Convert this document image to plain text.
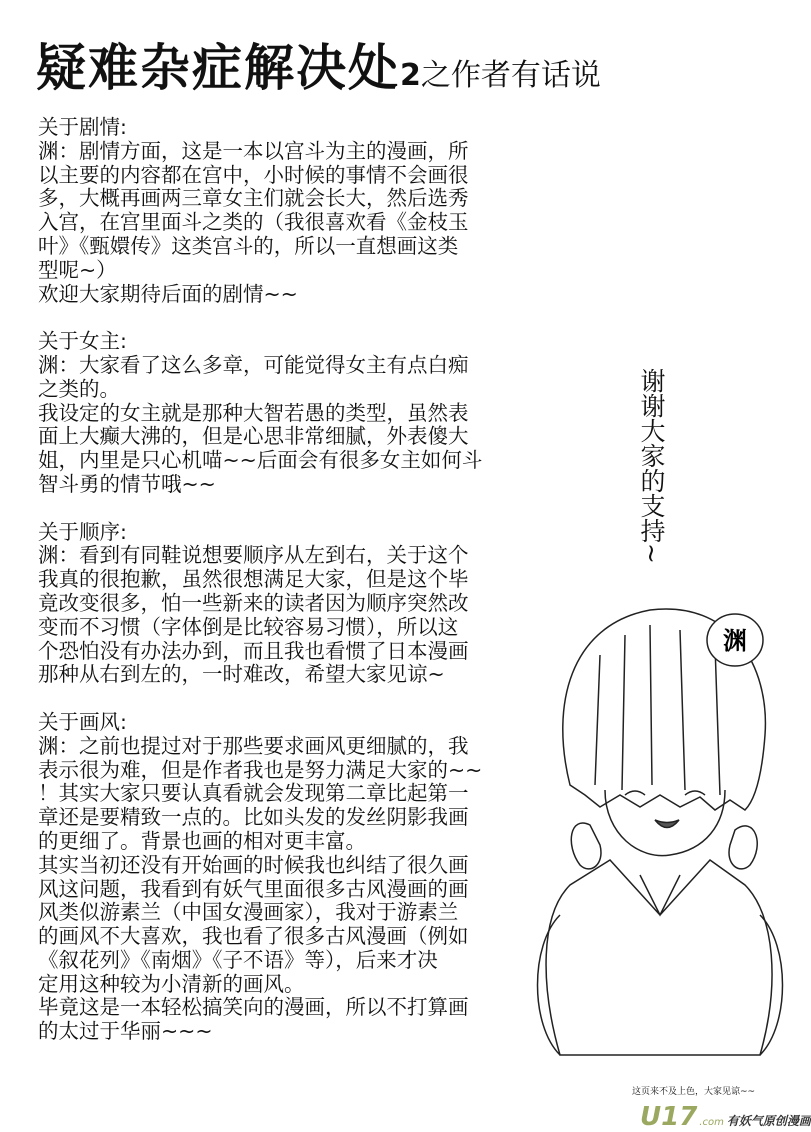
疑难杂症解决处2之作者有话说
关于剧情:
渊：剧情方面，这是一本以宫斗为主的漫画，所
以主要的内容都在宫中，小时候的事情不会画很
多，大概再画两三章女主们就会长大，然后选秀
入宫，在宫里面斗之类的（我很喜欢看《金枝玉
叶》《甄嬛传》这类宫斗的，所以一直想画这类
型呢~）
欢迎大家期待后面的剧情~~
关于女主:
渊：大家看了这么多章，可能觉得女主有点白痴
之类的。
我设定的女主就是那种大智若愚的类型，虽然表
面上大癫大沸的，但是心思非常细腻，外表傻大
姐，内里是只心机喵~~后面会有很多女主如何斗
智斗勇的情节哦~~
关于顺序:
渊：看到有同鞋说想要顺序从左到右，关于这个
我真的很抱歉，虽然很想满足大家，但是这个毕
竟改变很多，怕一些新来的读者因为顺序突然改
变而不习惯（字体倒是比较容易习惯），所以这
个恐怕没有办法办到，而且我也看惯了日本漫画
那种从右到左的，一时难改，希望大家见谅~
关于画风:
渊：之前也提过对于那些要求画风更细腻的，我
表示很为难，但是作者我也是努力满足大家的~~
！其实大家只要认真看就会发现第二章比起第一
章还是要精致一点的。比如头发的发丝阴影我画
的更细了。背景也画的相对更丰富。
其实当初还没有开始画的时候我也纠结了很久画
风这问题，我看到有妖气里面很多古风漫画的画
风类似游素兰（中国女漫画家），我对于游素兰
的画风不大喜欢，我也看了很多古风漫画（例如
《叙花列》《南烟》《子不语》等），后来才决
定用这种较为小清新的画风。
毕竟这是一本轻松搞笑向的漫画，所以不打算画
的太过于华丽~~~
谢谢大家的支持~
渊
这页来不及上色，大家见谅~~
U17 .com 有妖气原创漫画
